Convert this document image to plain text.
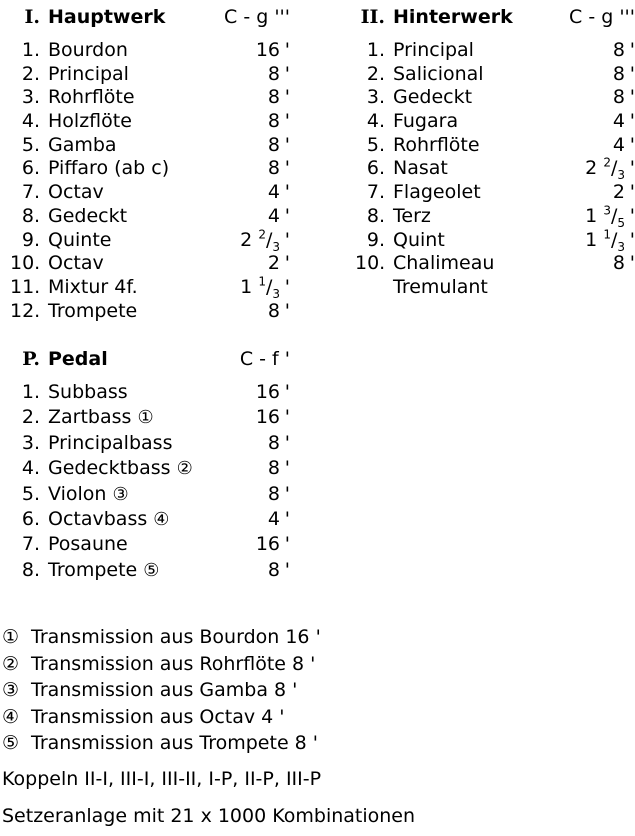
I. Hauptwerk	C - g '''
1. Bourdon	16 '
2. Principal	8 '
3. Rohrflöte	8 '
4. Holzflöte	8 '
5. Gamba	8 '
6. Piffaro (ab c)	8 '
7. Octav	4 '
8. Gedeckt	4 '
9. Quinte	2 $^2/_3$ '
10. Octav	2 '
11. Mixtur 4f.	1 $^1/_3$ '
12. Trompete	8 '
II. Hinterwerk	C - g '''
1. Principal	8 '
2. Salicional	8 '
3. Gedeckt	8 '
4. Fugara	4 '
5. Rohrflöte	4 '
6. Nasat	2 $^2/_3$ '
7. Flageolet	2 '
8. Terz	1 $^3/_5$ '
9. Quint	1 $^1/_3$ '
10. Chalimeau	8 '
Tremulant
P. Pedal	C - f '
1. Subbass	16 '
2. Zartbass ①	16 '
3. Principalbass	8 '
4. Gedecktbass ②	8 '
5. Violon ③	8 '
6. Octavbass ④	4 '
7. Posaune	16 '
8. Trompete ⑤	8 '
① Transmission aus Bourdon 16 '
② Transmission aus Rohrflöte 8 '
③ Transmission aus Gamba 8 '
④ Transmission aus Octav 4 '
⑤ Transmission aus Trompete 8 '
Koppeln II-I, III-I, III-II, I-P, II-P, III-P
Setzeranlage mit 21 x 1000 Kombinationen
